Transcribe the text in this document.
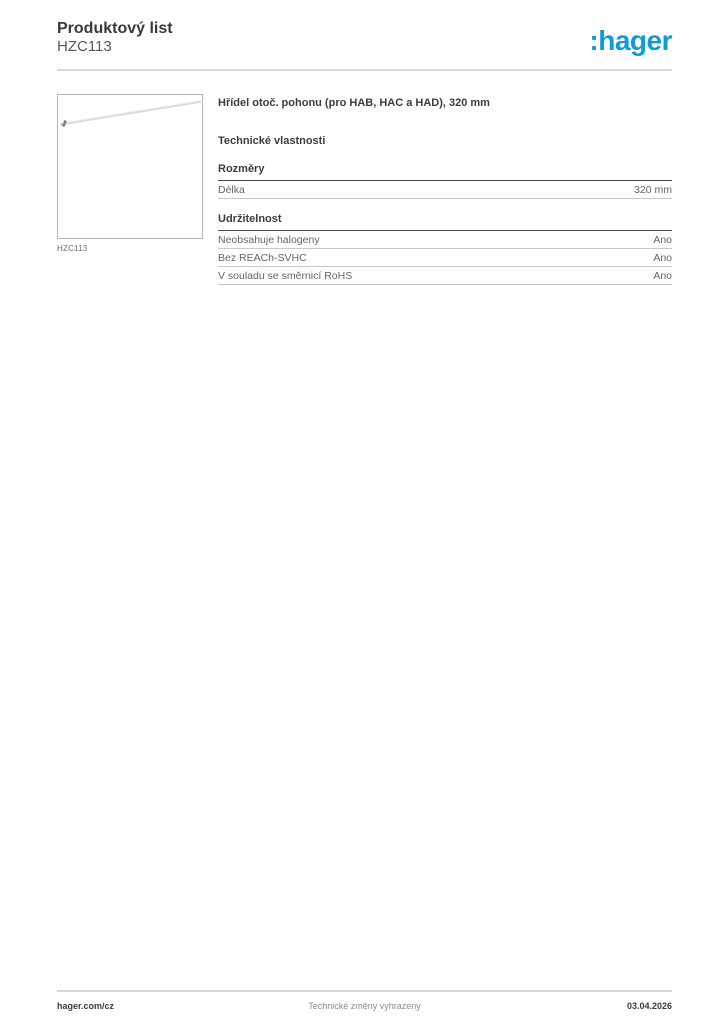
Produktový list
HZC113	:hager
HZC113
Hřídel otoč. pohonu (pro HAB, HAC a HAD), 320 mm
Technické vlastnosti
Rozměry
Délka	320 mm
Udržitelnost
Neobsahuje halogeny	Ano
Bez REACh-SVHC	Ano
V souladu se směrnicí RoHS	Ano
Technické změny vyhrazeny
hager.com/cz	03.04.2026
